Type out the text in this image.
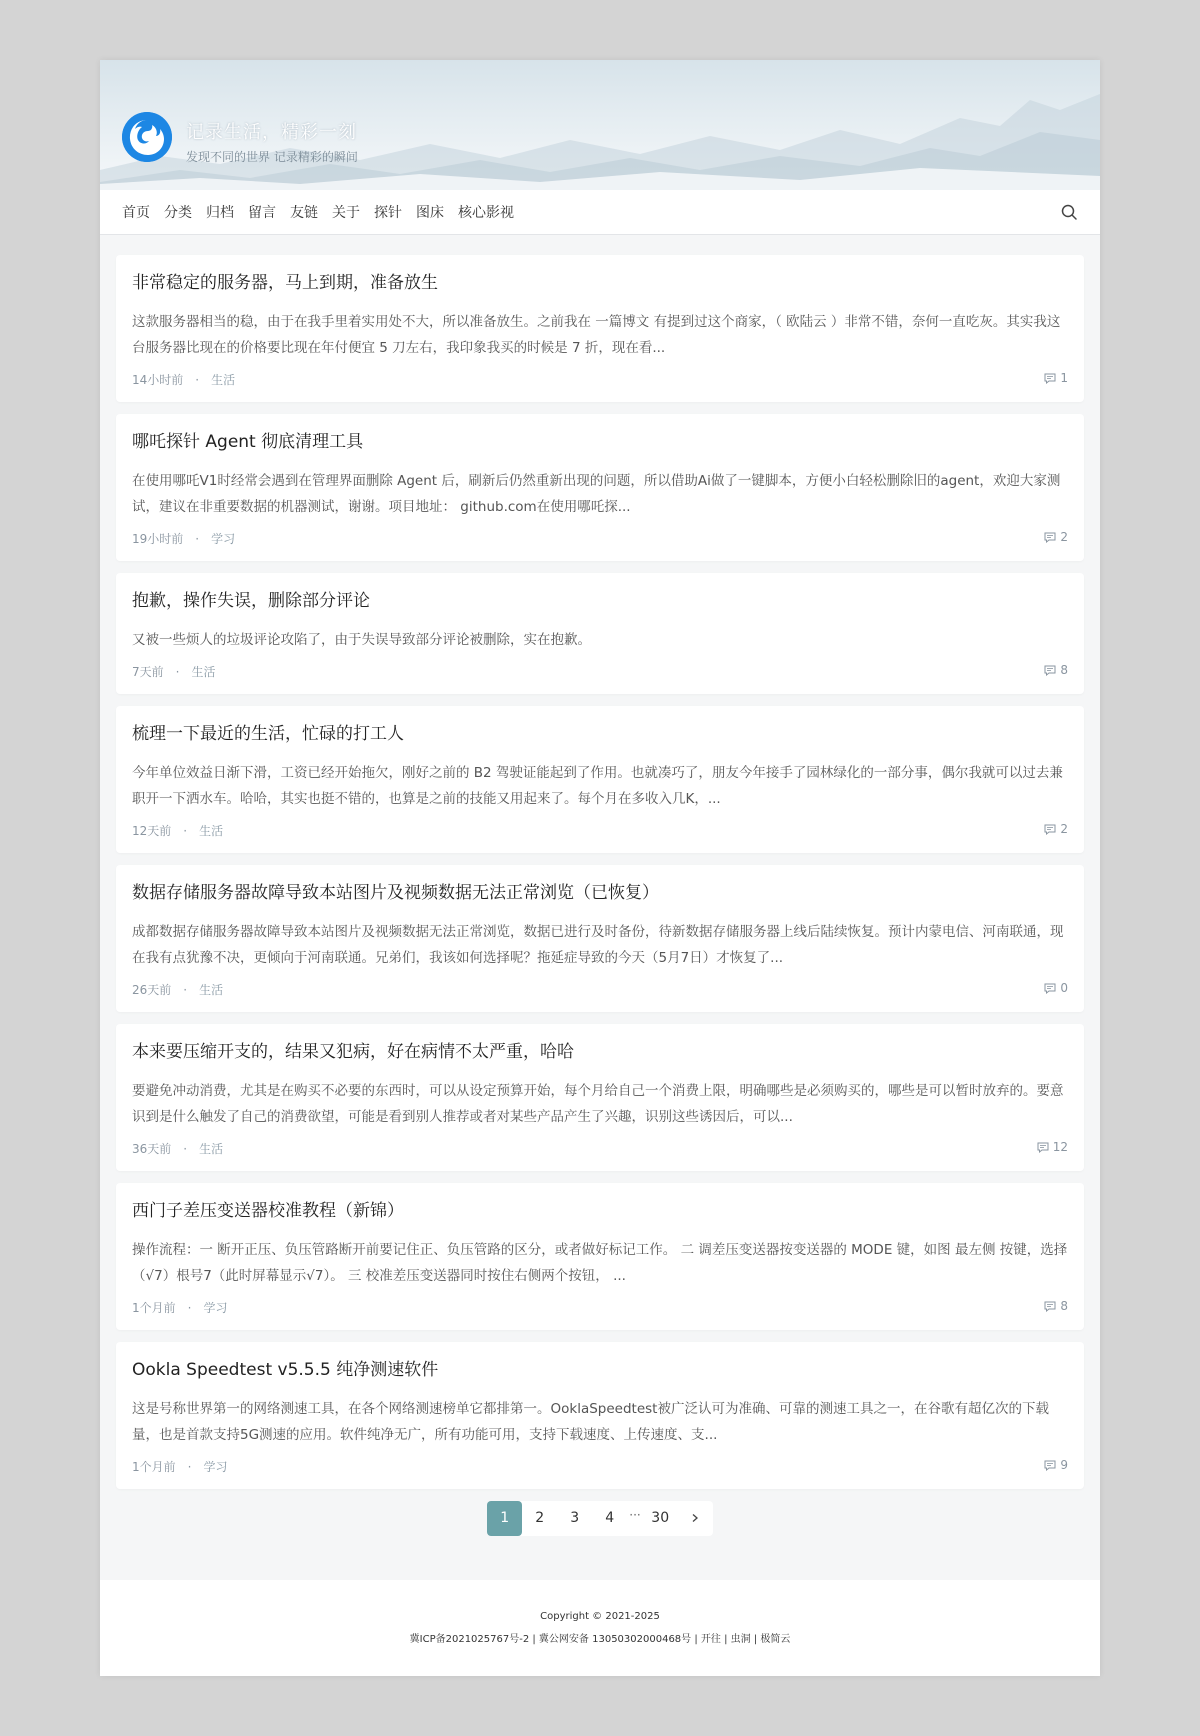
记录生活，精彩一刻
发现不同的世界 记录精彩的瞬间
首页 分类 归档 留言 友链 关于 探针 图床 核心影视
非常稳定的服务器，马上到期，准备放生
这款服务器相当的稳，由于在我手里着实用处不大，所以准备放生。之前我在 一篇博文 有提到过这个商家，（ 欧陆云 ）非常不错，奈何一直吃灰。其实我这台服务器比现在的价格要比现在年付便宜 5 刀左右，我印象我买的时候是 7 折，现在看...
14小时前 · 生活	1
哪吒探针 Agent 彻底清理工具
在使用哪吒V1时经常会遇到在管理界面删除 Agent 后，刷新后仍然重新出现的问题，所以借助Ai做了一键脚本，方便小白轻松删除旧的agent，欢迎大家测试，建议在非重要数据的机器测试，谢谢。项目地址： github.com在使用哪吒探...
19小时前 · 学习	2
抱歉，操作失误，删除部分评论
又被一些烦人的垃圾评论攻陷了，由于失误导致部分评论被删除，实在抱歉。
7天前 · 生活	8
梳理一下最近的生活，忙碌的打工人
今年单位效益日渐下滑，工资已经开始拖欠，刚好之前的 B2 驾驶证能起到了作用。也就凑巧了，朋友今年接手了园林绿化的一部分事，偶尔我就可以过去兼职开一下洒水车。哈哈，其实也挺不错的，也算是之前的技能又用起来了。每个月在多收入几K，...
12天前 · 生活	2
数据存储服务器故障导致本站图片及视频数据无法正常浏览（已恢复）
成都数据存储服务器故障导致本站图片及视频数据无法正常浏览，数据已进行及时备份，待新数据存储服务器上线后陆续恢复。预计内蒙电信、河南联通，现在我有点犹豫不决，更倾向于河南联通。兄弟们，我该如何选择呢？拖延症导致的今天（5月7日）才恢复了...
26天前 · 生活	0
本来要压缩开支的，结果又犯病，好在病情不太严重，哈哈
要避免冲动消费，尤其是在购买不必要的东西时，可以从设定预算开始，每个月给自己一个消费上限，明确哪些是必须购买的，哪些是可以暂时放弃的。要意识到是什么触发了自己的消费欲望，可能是看到别人推荐或者对某些产品产生了兴趣，识别这些诱因后，可以...
36天前 · 生活	12
西门子差压变送器校准教程（新锦）
操作流程：一 断开正压、负压管路断开前要记住正、负压管路的区分，或者做好标记工作。 二 调差压变送器按变送器的 MODE 键，如图 最左侧 按键，选择 （√7）根号7（此时屏幕显示√7）。 三 校准差压变送器同时按住右侧两个按钮， ...
1个月前 · 学习	8
Ookla Speedtest v5.5.5 纯净测速软件
这是号称世界第一的网络测速工具，在各个网络测速榜单它都排第一。OoklaSpeedtest被广泛认可为准确、可靠的测速工具之一，在谷歌有超亿次的下载量，也是首款支持5G测速的应用。软件纯净无广，所有功能可用，支持下载速度、上传速度、支...
1个月前 · 学习	9
1	2	3	4	··· 30
Copyright © 2021-2025
冀ICP备2021025767号-2 | 冀公网安备 13050302000468号 | 开往 | 虫洞 | 极简云
